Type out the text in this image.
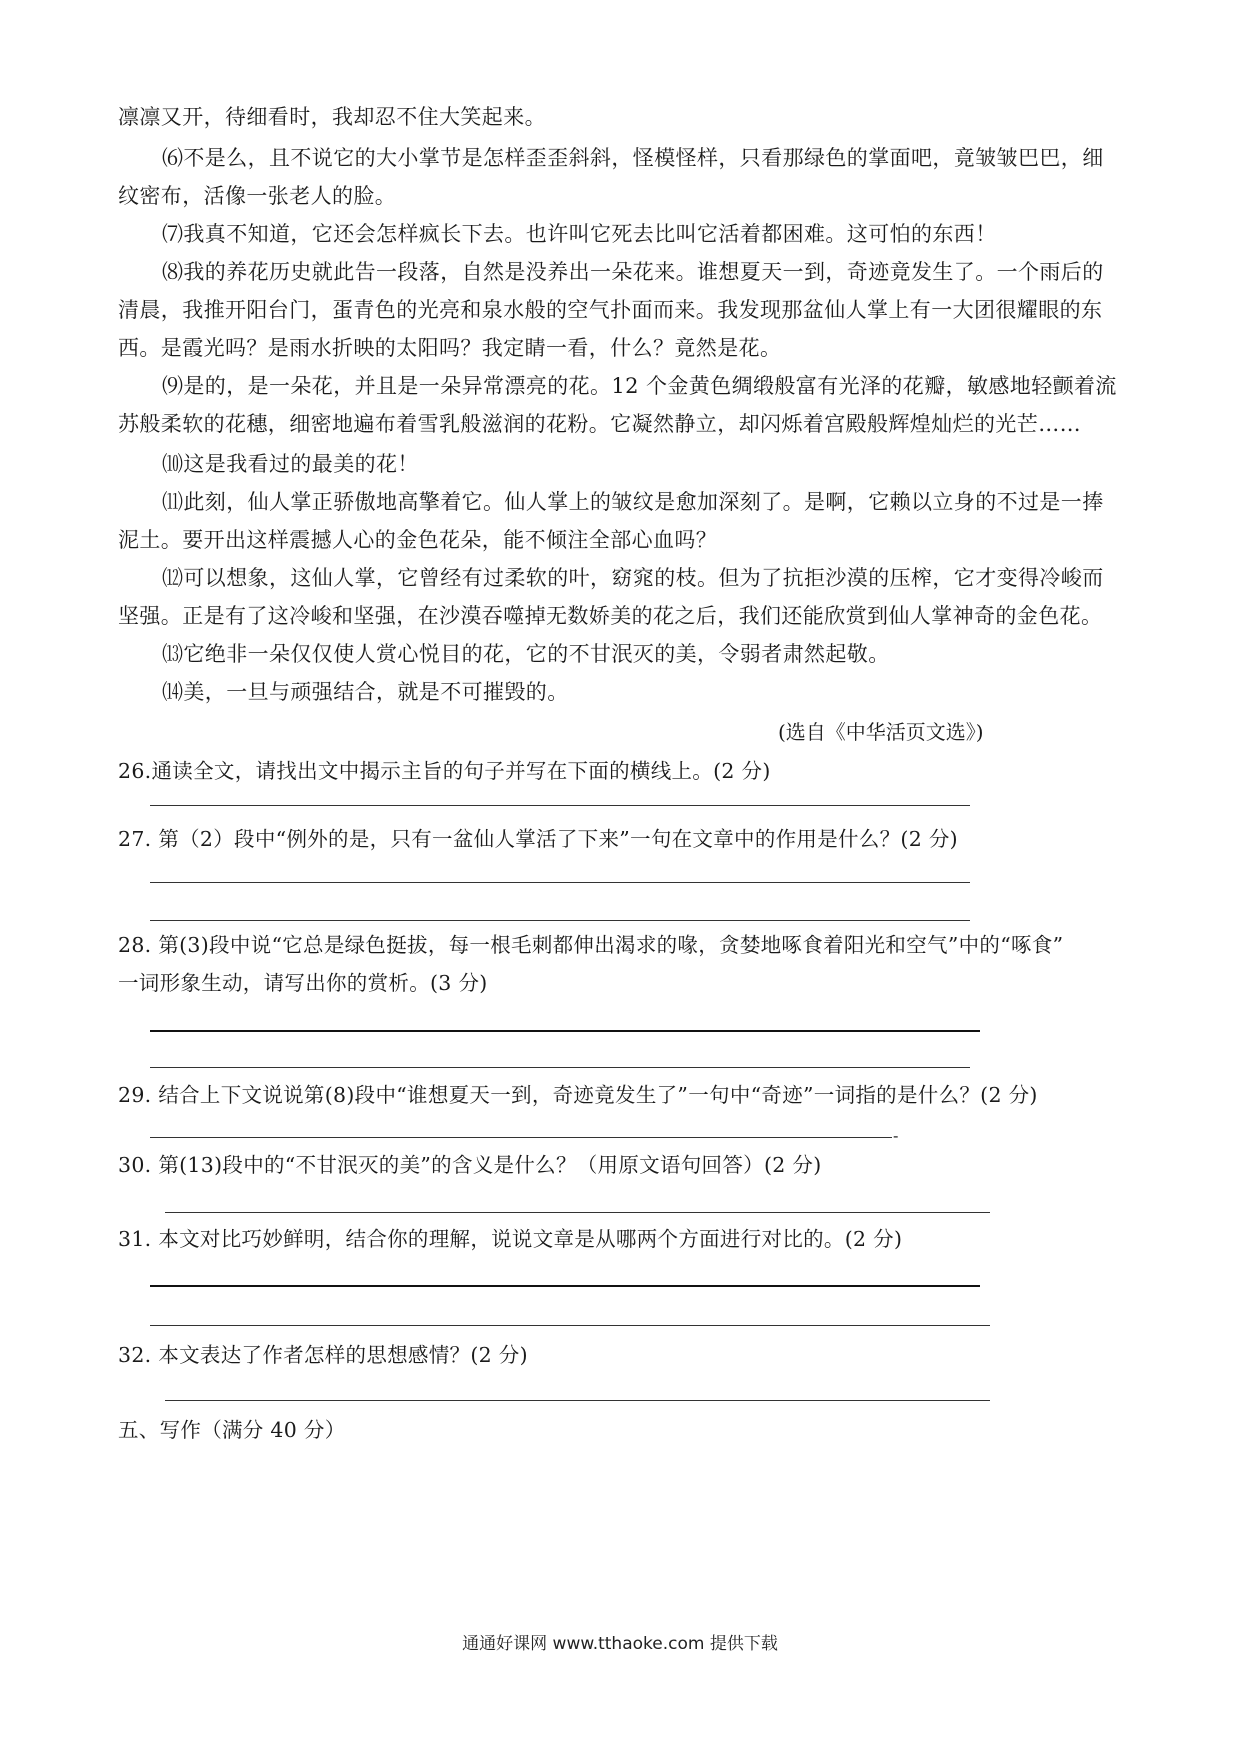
凛凛又开，待细看时，我却忍不住大笑起来。
⑹不是么，且不说它的大小掌节是怎样歪歪斜斜，怪模怪样，只看那绿色的掌面吧，竟皱皱巴巴，细
纹密布，活像一张老人的脸。
⑺我真不知道，它还会怎样疯长下去。也许叫它死去比叫它活着都困难。这可怕的东西！
⑻我的养花历史就此告一段落，自然是没养出一朵花来。谁想夏天一到，奇迹竟发生了。一个雨后的
清晨，我推开阳台门，蛋青色的光亮和泉水般的空气扑面而来。我发现那盆仙人掌上有一大团很耀眼的东
西。是霞光吗？是雨水折映的太阳吗？我定睛一看，什么？竟然是花。
⑼是的，是一朵花，并且是一朵异常漂亮的花。12 个金黄色绸缎般富有光泽的花瓣，敏感地轻颤着流
苏般柔软的花穗，细密地遍布着雪乳般滋润的花粉。它凝然静立，却闪烁着宫殿般辉煌灿烂的光芒……
⑽这是我看过的最美的花！
⑾此刻，仙人掌正骄傲地高擎着它。仙人掌上的皱纹是愈加深刻了。是啊，它赖以立身的不过是一捧
泥土。要开出这样震撼人心的金色花朵，能不倾注全部心血吗？
⑿可以想象，这仙人掌，它曾经有过柔软的叶，窈窕的枝。但为了抗拒沙漠的压榨，它才变得冷峻而
坚强。正是有了这冷峻和坚强，在沙漠吞噬掉无数娇美的花之后，我们还能欣赏到仙人掌神奇的金色花。
⒀它绝非一朵仅仅使人赏心悦目的花，它的不甘泯灭的美，令弱者肃然起敬。
⒁美，一旦与顽强结合，就是不可摧毁的。
(选自《中华活页文选》)
26.通读全文，请找出文中揭示主旨的句子并写在下面的横线上。(2 分)
27. 第（2）段中“例外的是，只有一盆仙人掌活了下来”一句在文章中的作用是什么？(2 分)
28. 第(3)段中说“它总是绿色挺拔，每一根毛刺都伸出渴求的喙，贪婪地啄食着阳光和空气”中的“啄食”
一词形象生动，请写出你的赏析。(3 分)
29. 结合上下文说说第(8)段中“谁想夏天一到，奇迹竟发生了”一句中“奇迹”一词指的是什么？(2 分)
-
30. 第(13)段中的“不甘泯灭的美”的含义是什么？（用原文语句回答）(2 分)
31. 本文对比巧妙鲜明，结合你的理解，说说文章是从哪两个方面进行对比的。(2 分)
32. 本文表达了作者怎样的思想感情？(2 分)
五、写作（满分 40 分）
通通好课网 www.tthaoke.com 提供下载
